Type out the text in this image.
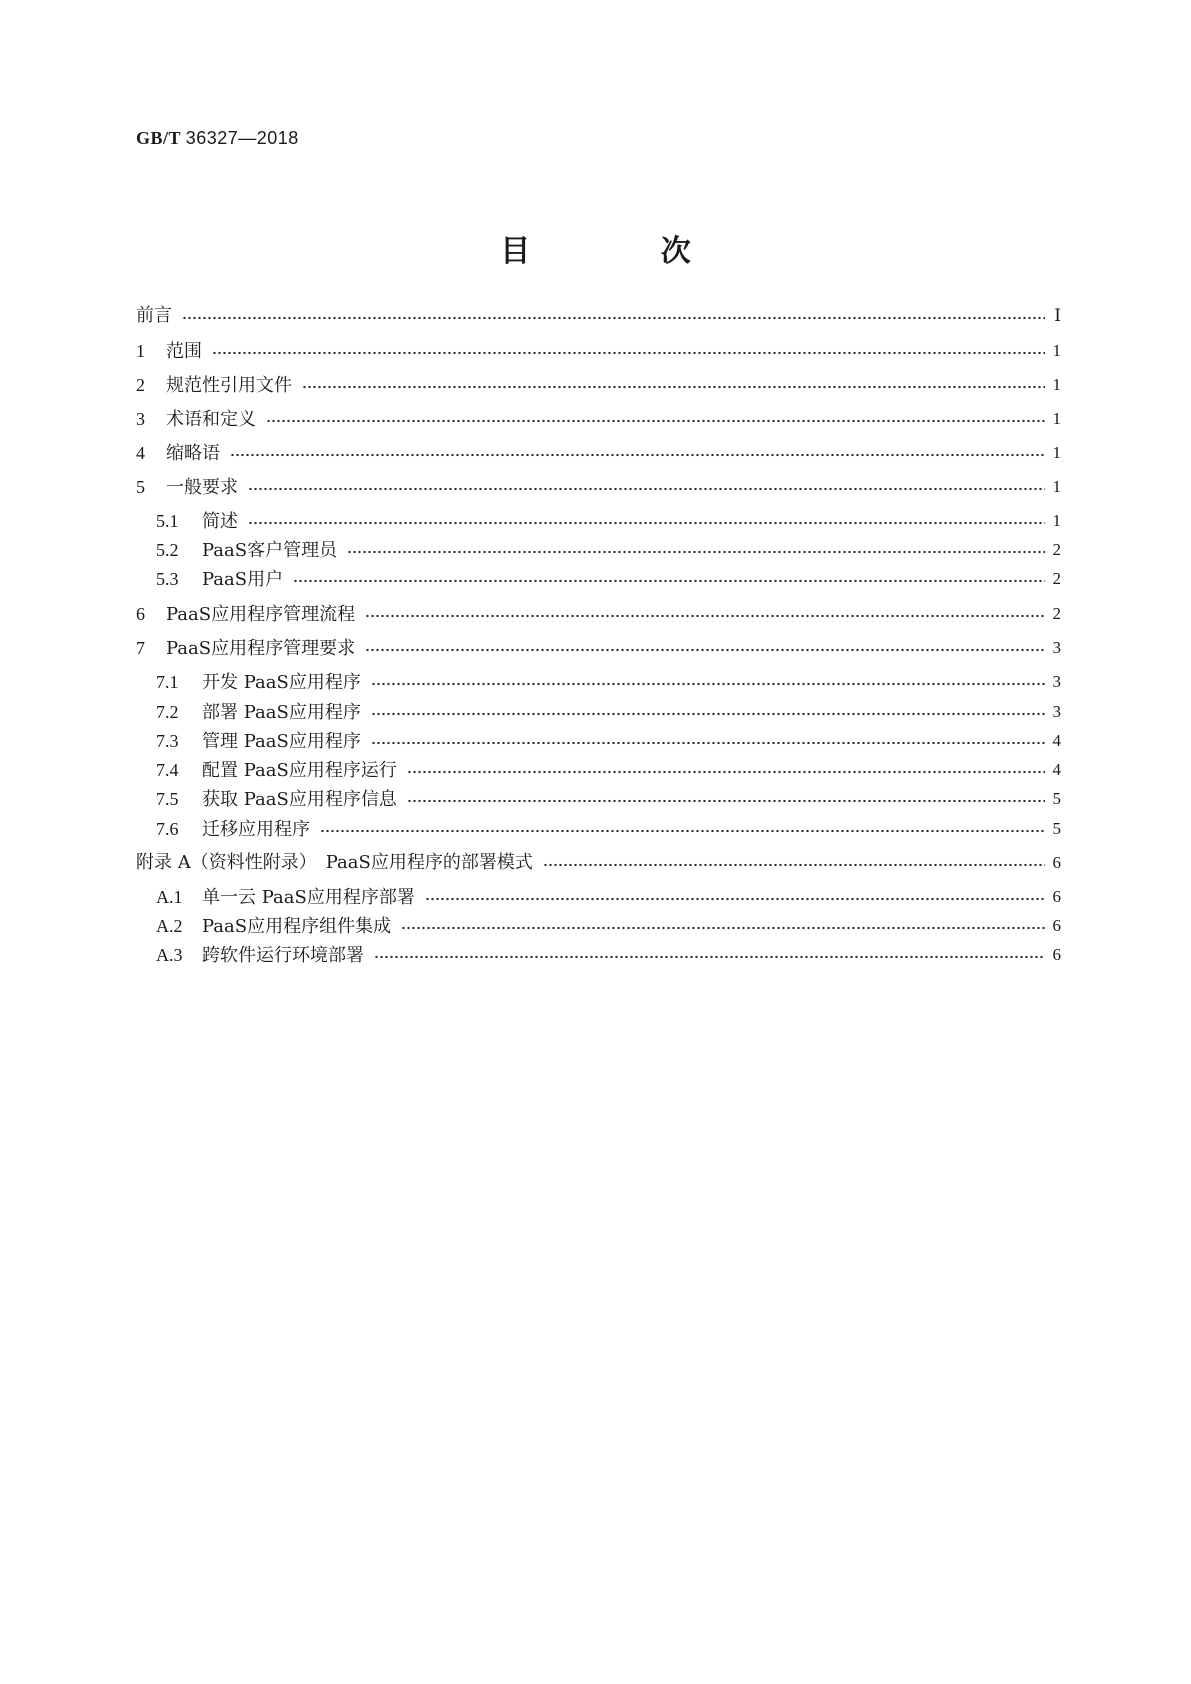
GB/T 36327—2018
目 次
前言	Ⅰ
1 范围	1
2 规范性引用文件	1
3 术语和定义	1
4 缩略语	1
5 一般要求	1
5.1 简述	1
5.2 PaaS客户管理员	2
5.3 PaaS用户	2
6 PaaS应用程序管理流程	2
7 PaaS应用程序管理要求	3
7.1 开发 PaaS应用程序	3
7.2 部署 PaaS应用程序	3
7.3 管理 PaaS应用程序	4
7.4 配置 PaaS应用程序运行	4
7.5 获取 PaaS应用程序信息	5
7.6 迁移应用程序	5
附录 A（资料性附录）　PaaS应用程序的部署模式	6
A.1 单一云 PaaS应用程序部署	6
A.2 PaaS应用程序组件集成	6
A.3 跨软件运行环境部署	6
